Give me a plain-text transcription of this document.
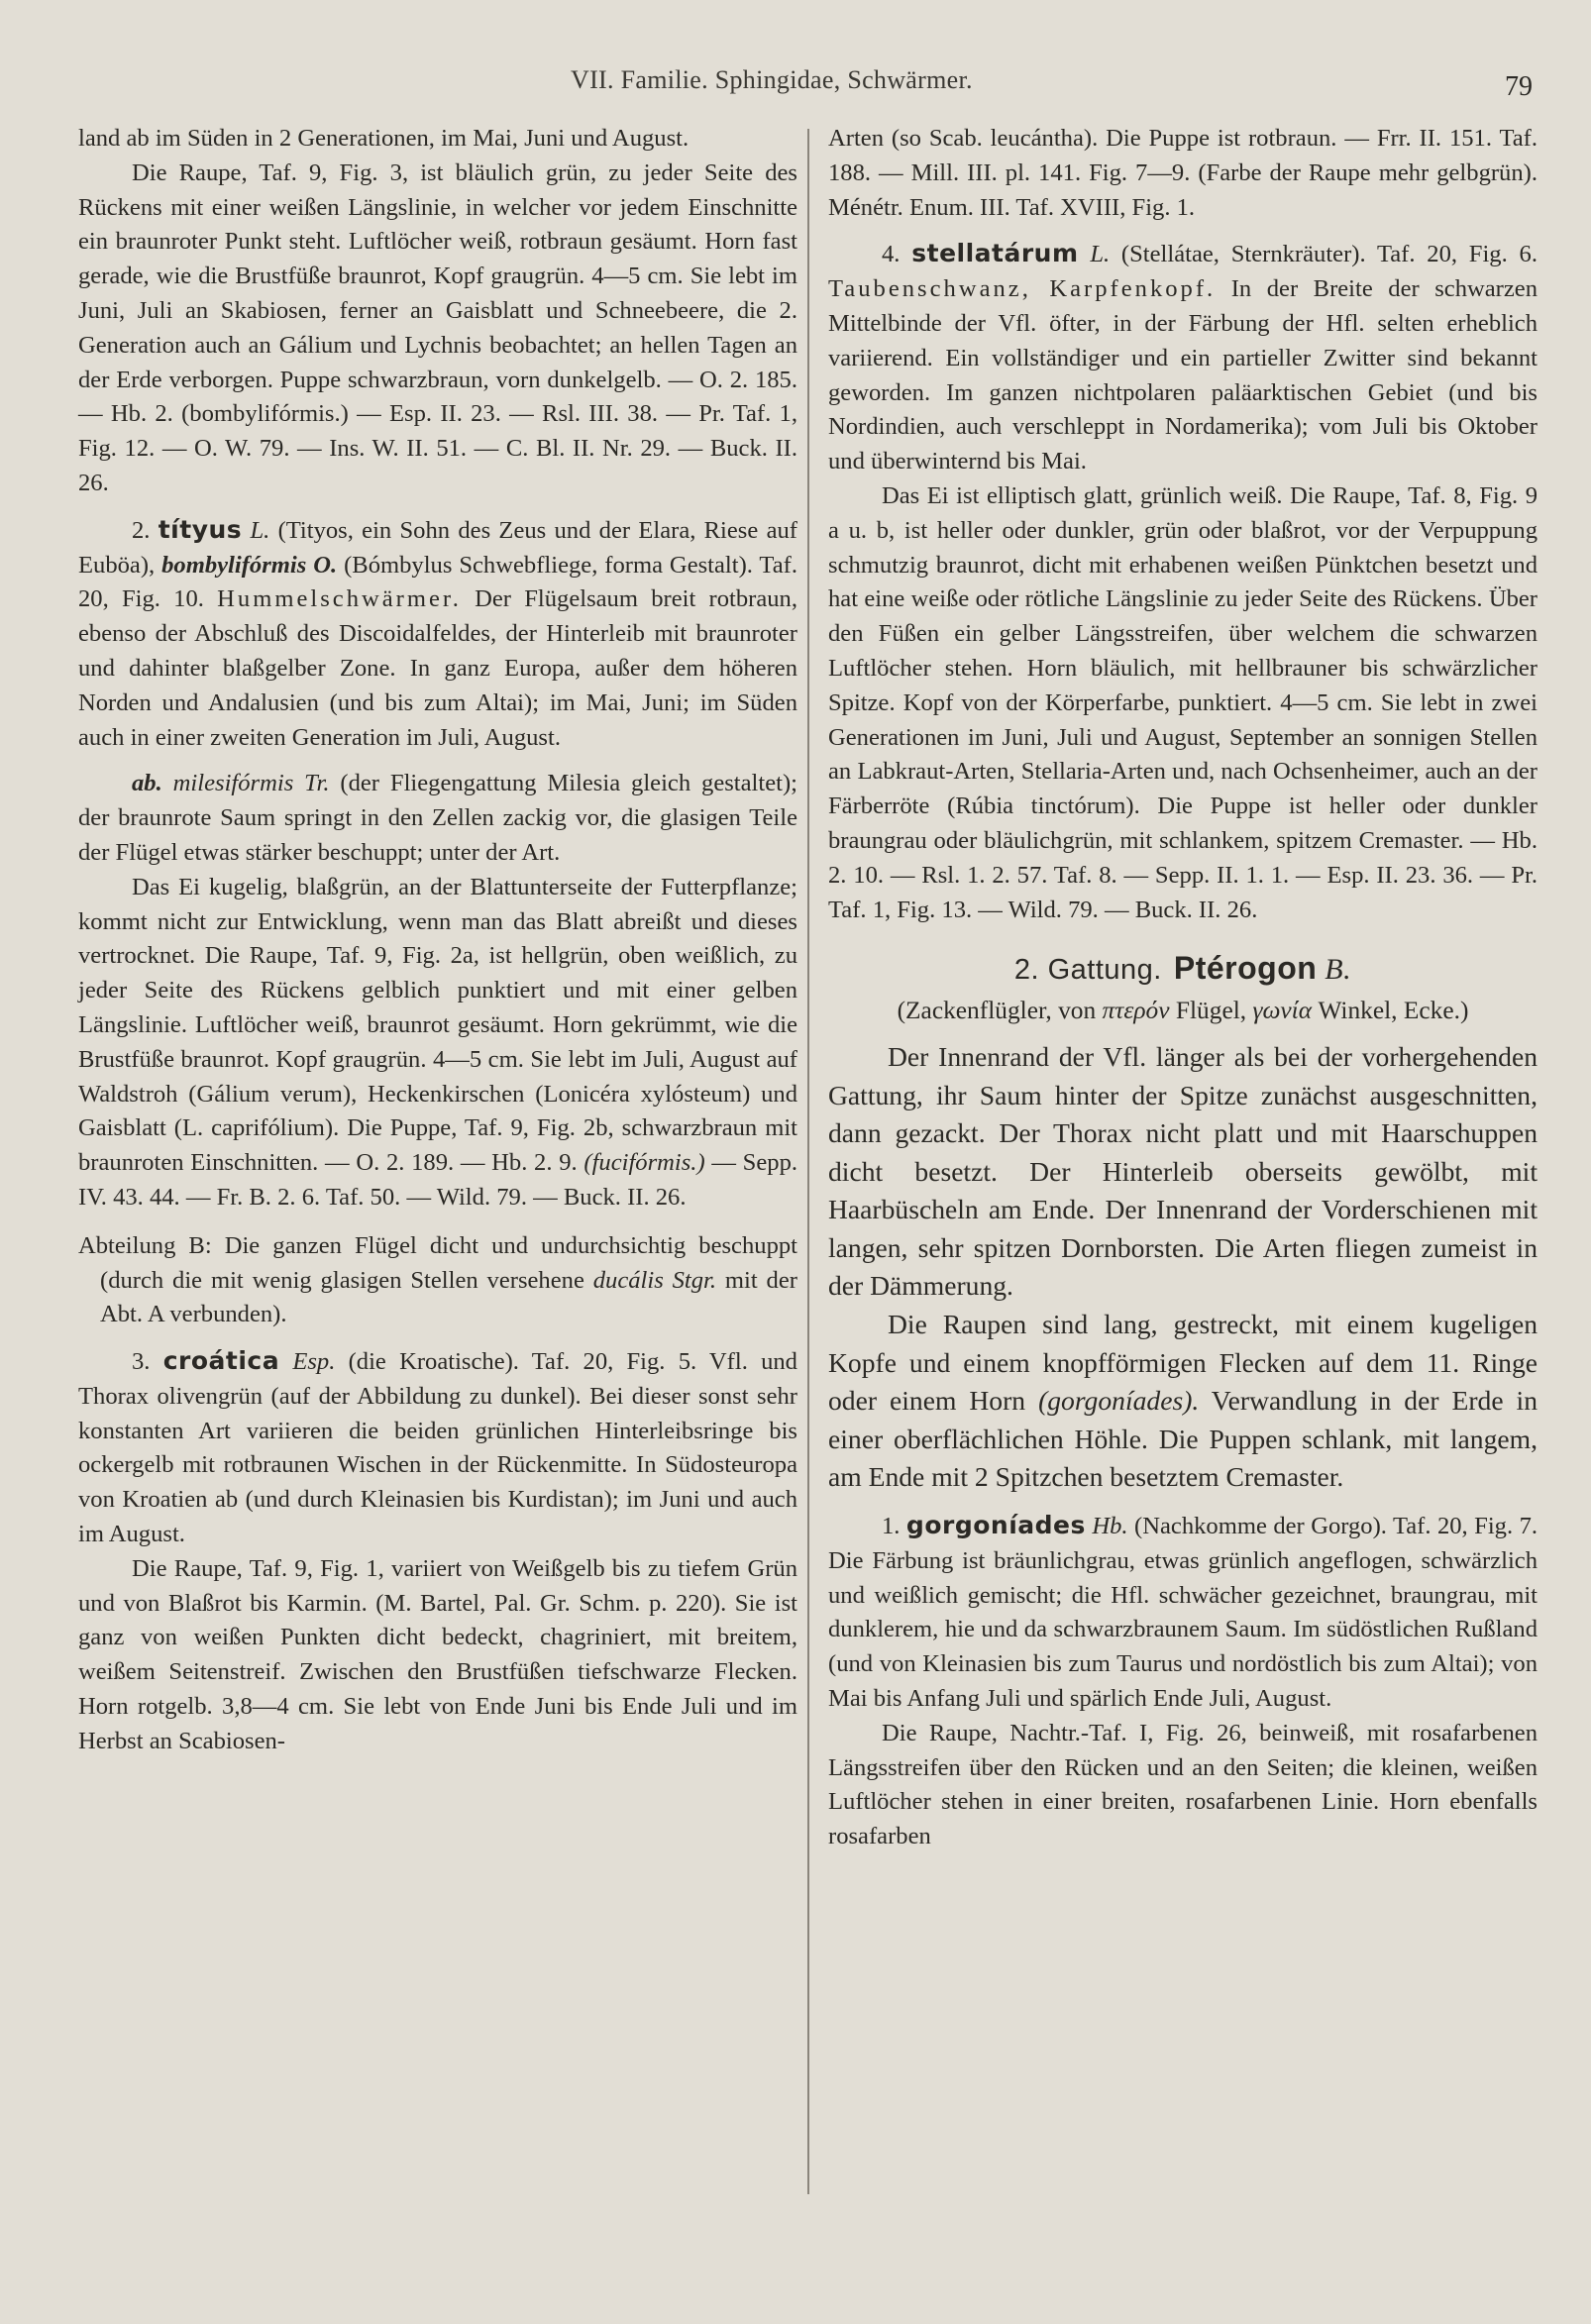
VII. Familie. Sphingidae, Schwärmer.	79

land ab im Süden in 2 Generationen, im Mai, Juni und August.

Die Raupe, Taf. 9, Fig. 3, ist bläulich grün, zu jeder Seite des Rückens mit einer weißen Längslinie, in welcher vor jedem Einschnitte ein braunroter Punkt steht. Luftlöcher weiß, rotbraun gesäumt. Horn fast gerade, wie die Brustfüße braunrot, Kopf graugrün. 4—5 cm. Sie lebt im Juni, Juli an Skabiosen, ferner an Gaisblatt und Schneebeere, die 2. Generation auch an Gálium und Lychnis beobachtet; an hellen Tagen an der Erde verborgen. Puppe schwarzbraun, vorn dunkelgelb. — O. 2. 185. — Hb. 2. (bombylifórmis.) — Esp. II. 23. — Rsl. III. 38. — Pr. Taf. 1, Fig. 12. — O. W. 79. — Ins. W. II. 51. — C. Bl. II. Nr. 29. — Buck. II. 26.

2. títyus L. (Tityos, ein Sohn des Zeus und der Elara, Riese auf Euböa), bombylifórmis O. (Bómbylus Schwebfliege, forma Gestalt). Taf. 20, Fig. 10. Hummelschwärmer. Der Flügelsaum breit rotbraun, ebenso der Abschluß des Discoidalfeldes, der Hinterleib mit braunroter und dahinter blaßgelber Zone. In ganz Europa, außer dem höheren Norden und Andalusien (und bis zum Altai); im Mai, Juni; im Süden auch in einer zweiten Generation im Juli, August.

ab. milesifórmis Tr. (der Fliegengattung Milesia gleich gestaltet); der braunrote Saum springt in den Zellen zackig vor, die glasigen Teile der Flügel etwas stärker beschuppt; unter der Art.

Das Ei kugelig, blaßgrün, an der Blattunterseite der Futterpflanze; kommt nicht zur Entwicklung, wenn man das Blatt abreißt und dieses vertrocknet. Die Raupe, Taf. 9, Fig. 2a, ist hellgrün, oben weißlich, zu jeder Seite des Rückens gelblich punktiert und mit einer gelben Längslinie. Luftlöcher weiß, braunrot gesäumt. Horn gekrümmt, wie die Brustfüße braunrot. Kopf graugrün. 4—5 cm. Sie lebt im Juli, August auf Waldstroh (Gálium verum), Heckenkirschen (Lonicéra xylósteum) und Gaisblatt (L. caprifólium). Die Puppe, Taf. 9, Fig. 2b, schwarzbraun mit braunroten Einschnitten. — O. 2. 189. — Hb. 2. 9. (fucifórmis.) — Sepp. IV. 43. 44. — Fr. B. 2. 6. Taf. 50. — Wild. 79. — Buck. II. 26.

Abteilung B: Die ganzen Flügel dicht und undurchsichtig beschuppt (durch die mit wenig glasigen Stellen versehene ducális Stgr. mit der Abt. A verbunden).

3. croática Esp. (die Kroatische). Taf. 20, Fig. 5. Vfl. und Thorax olivengrün (auf der Abbildung zu dunkel). Bei dieser sonst sehr konstanten Art variieren die beiden grünlichen Hinterleibsringe bis ockergelb mit rotbraunen Wischen in der Rückenmitte. In Südosteuropa von Kroatien ab (und durch Kleinasien bis Kurdistan); im Juni und auch im August.

Die Raupe, Taf. 9, Fig. 1, variiert von Weißgelb bis zu tiefem Grün und von Blaßrot bis Karmin. (M. Bartel, Pal. Gr. Schm. p. 220). Sie ist ganz von weißen Punkten dicht bedeckt, chagriniert, mit breitem, weißem Seitenstreif. Zwischen den Brustfüßen tiefschwarze Flecken. Horn rotgelb. 3,8—4 cm. Sie lebt von Ende Juni bis Ende Juli und im Herbst an Scabiosen-

Arten (so Scab. leucántha). Die Puppe ist rotbraun. — Frr. II. 151. Taf. 188. — Mill. III. pl. 141. Fig. 7—9. (Farbe der Raupe mehr gelbgrün). Ménétr. Enum. III. Taf. XVIII, Fig. 1.

4. stellatárum L. (Stellátae, Sternkräuter). Taf. 20, Fig. 6. Taubenschwanz, Karpfenkopf. In der Breite der schwarzen Mittelbinde der Vfl. öfter, in der Färbung der Hfl. selten erheblich variierend. Ein vollständiger und ein partieller Zwitter sind bekannt geworden. Im ganzen nichtpolaren paläarktischen Gebiet (und bis Nordindien, auch verschleppt in Nordamerika); vom Juli bis Oktober und überwinternd bis Mai.

Das Ei ist elliptisch glatt, grünlich weiß. Die Raupe, Taf. 8, Fig. 9 a u. b, ist heller oder dunkler, grün oder blaßrot, vor der Verpuppung schmutzig braunrot, dicht mit erhabenen weißen Pünktchen besetzt und hat eine weiße oder rötliche Längslinie zu jeder Seite des Rückens. Über den Füßen ein gelber Längsstreifen, über welchem die schwarzen Luftlöcher stehen. Horn bläulich, mit hellbrauner bis schwärzlicher Spitze. Kopf von der Körperfarbe, punktiert. 4—5 cm. Sie lebt in zwei Generationen im Juni, Juli und August, September an sonnigen Stellen an Labkraut-Arten, Stellaria-Arten und, nach Ochsenheimer, auch an der Färberröte (Rúbia tinctórum). Die Puppe ist heller oder dunkler braungrau oder bläulichgrün, mit schlankem, spitzem Cremaster. — Hb. 2. 10. — Rsl. 1. 2. 57. Taf. 8. — Sepp. II. 1. 1. — Esp. II. 23. 36. — Pr. Taf. 1, Fig. 13. — Wild. 79. — Buck. II. 26.

2. Gattung. Ptérogon B.
(Zackenflügler, von πτερόν Flügel, γωνία Winkel, Ecke.)

Der Innenrand der Vfl. länger als bei der vorhergehenden Gattung, ihr Saum hinter der Spitze zunächst ausgeschnitten, dann gezackt. Der Thorax nicht platt und mit Haarschuppen dicht besetzt. Der Hinterleib oberseits gewölbt, mit Haarbüscheln am Ende. Der Innenrand der Vorderschienen mit langen, sehr spitzen Dornborsten. Die Arten fliegen zumeist in der Dämmerung.

Die Raupen sind lang, gestreckt, mit einem kugeligen Kopfe und einem knopfförmigen Flecken auf dem 11. Ringe oder einem Horn (gorgoníades). Verwandlung in der Erde in einer oberflächlichen Höhle. Die Puppen schlank, mit langem, am Ende mit 2 Spitzchen besetztem Cremaster.

1. gorgoníades Hb. (Nachkomme der Gorgo). Taf. 20, Fig. 7. Die Färbung ist bräunlichgrau, etwas grünlich angeflogen, schwärzlich und weißlich gemischt; die Hfl. schwächer gezeichnet, braungrau, mit dunklerem, hie und da schwarzbraunem Saum. Im südöstlichen Rußland (und von Kleinasien bis zum Taurus und nordöstlich bis zum Altai); von Mai bis Anfang Juli und spärlich Ende Juli, August.

Die Raupe, Nachtr.-Taf. I, Fig. 26, beinweiß, mit rosafarbenen Längsstreifen über den Rücken und an den Seiten; die kleinen, weißen Luftlöcher stehen in einer breiten, rosafarbenen Linie. Horn ebenfalls rosafarben
